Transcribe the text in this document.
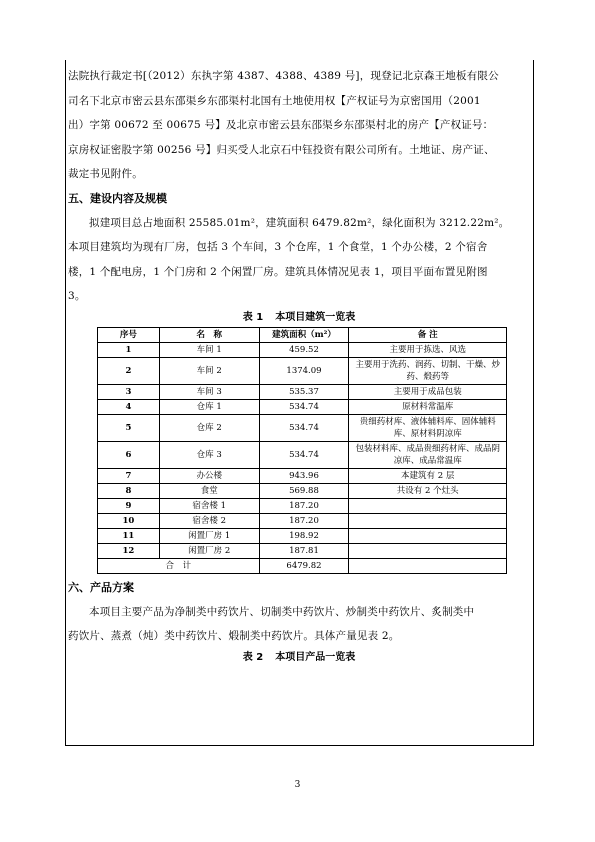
法院执行裁定书[（2012）东执字第 4387、4388、4389 号]，现登记北京森王地板有限公
司名下北京市密云县东邵渠乡东邵渠村北国有土地使用权【产权证号为京密国用（2001
出）字第 00672 至 00675 号】及北京市密云县东邵渠乡东邵渠村北的房产【产权证号：
京房权证密股字第 00256 号】归买受人北京石中钰投资有限公司所有。土地证、房产证、
裁定书见附件。

五、建设内容及规模

拟建项目总占地面积 25585.01m²，建筑面积 6479.82m²，绿化面积为 3212.22m²。
本项目建筑均为现有厂房，包括 3 个车间，3 个仓库，1 个食堂，1 个办公楼，2 个宿舍
楼，1 个配电房，1 个门房和 2 个闲置厂房。建筑具体情况见表 1，项目平面布置见附图
3。

表 1 本项目建筑一览表

序号	名　称	建筑面积（m²）	备 注
1	车间 1	459.52	主要用于拣选、风选
2	车间 2	1374.09	主要用于洗药、润药、切制、干燥、炒药、煅药等
3	车间 3	535.37	主要用于成品包装
4	仓库 1	534.74	原材料常温库
5	仓库 2	534.74	贵细药材库、液体辅料库、固体辅料库、原材料阴凉库
6	仓库 3	534.74	包装材料库、成品贵细药材库、成品阴凉库、成品常温库
7	办公楼	943.96	本建筑有 2 层
8	食堂	569.88	共设有 2 个灶头
9	宿舍楼 1	187.20	
10	宿舍楼 2	187.20	
11	闲置厂房 1	198.92	
12	闲置厂房 2	187.81	
合　计		6479.82	
六、产品方案

本项目主要产品为净制类中药饮片、切制类中药饮片、炒制类中药饮片、炙制类中
药饮片、蒸煮（炖）类中药饮片、煅制类中药饮片。具体产量见表 2。

表 2 本项目产品一览表

3
